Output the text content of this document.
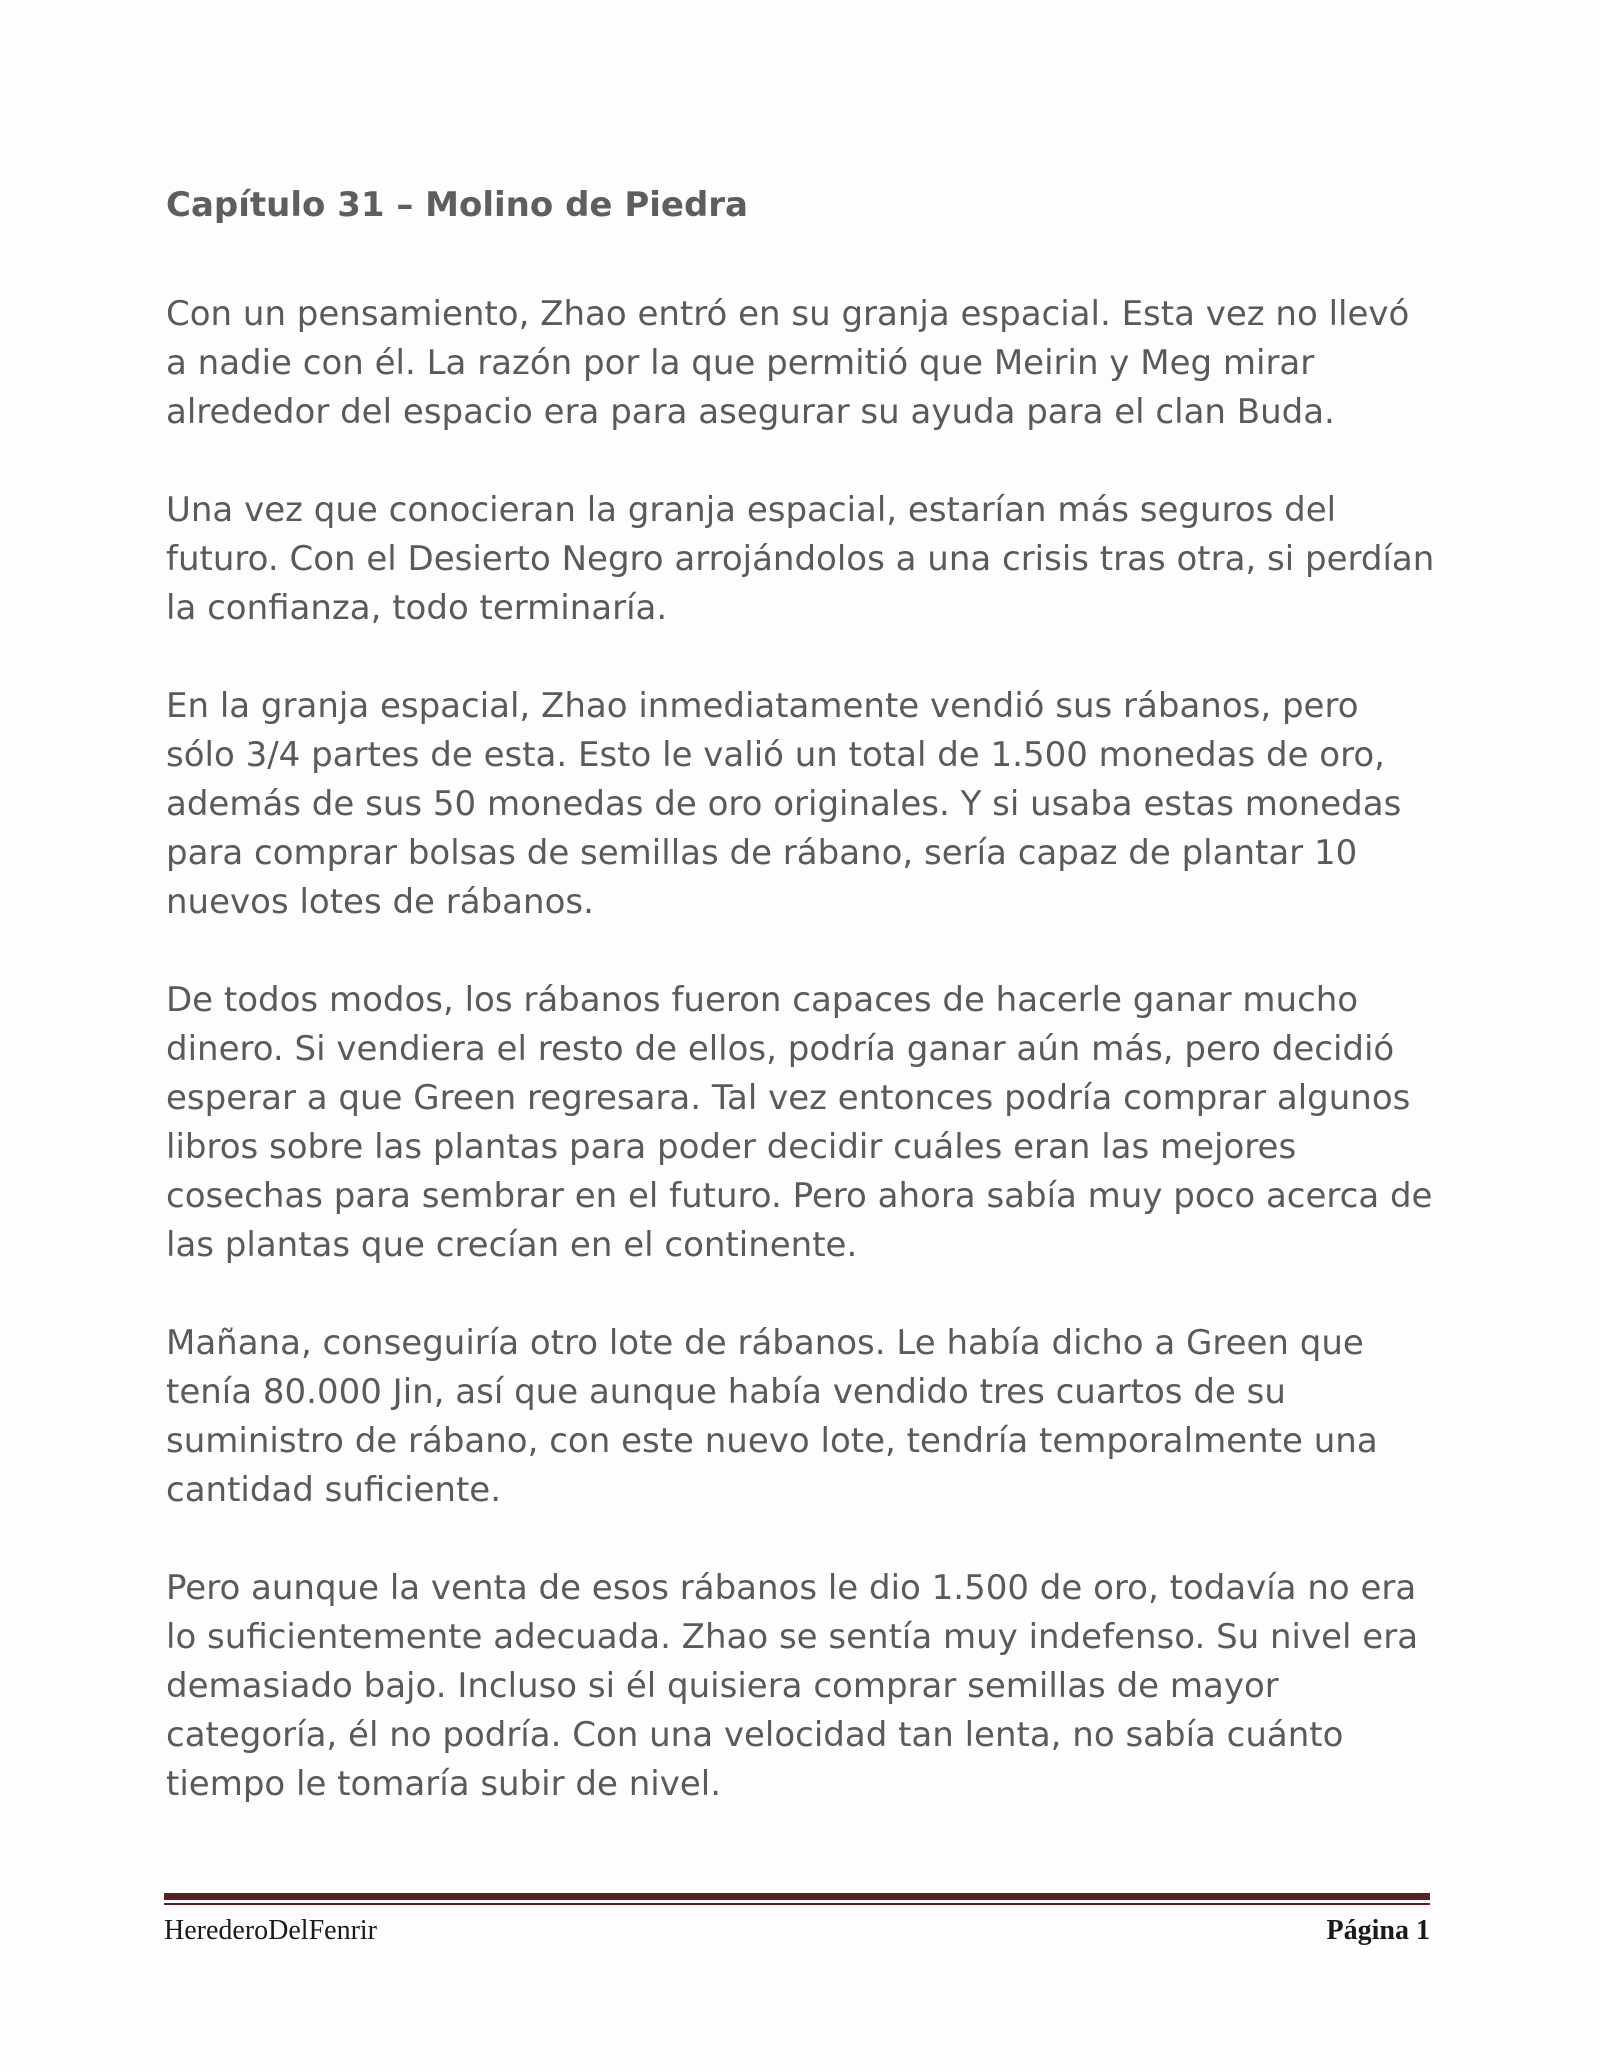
Capítulo 31 – Molino de Piedra

Con un pensamiento, Zhao entró en su granja espacial. Esta vez no llevó a nadie con él. La razón por la que permitió que Meirin y Meg mirar alrededor del espacio era para asegurar su ayuda para el clan Buda.

Una vez que conocieran la granja espacial, estarían más seguros del futuro. Con el Desierto Negro arrojándolos a una crisis tras otra, si perdían la confianza, todo terminaría.

En la granja espacial, Zhao inmediatamente vendió sus rábanos, pero sólo 3/4 partes de esta. Esto le valió un total de 1.500 monedas de oro, además de sus 50 monedas de oro originales. Y si usaba estas monedas para comprar bolsas de semillas de rábano, sería capaz de plantar 10 nuevos lotes de rábanos.

De todos modos, los rábanos fueron capaces de hacerle ganar mucho dinero. Si vendiera el resto de ellos, podría ganar aún más, pero decidió esperar a que Green regresara. Tal vez entonces podría comprar algunos libros sobre las plantas para poder decidir cuáles eran las mejores cosechas para sembrar en el futuro. Pero ahora sabía muy poco acerca de las plantas que crecían en el continente.

Mañana, conseguiría otro lote de rábanos. Le había dicho a Green que tenía 80.000 Jin, así que aunque había vendido tres cuartos de su suministro de rábano, con este nuevo lote, tendría temporalmente una cantidad suficiente.

Pero aunque la venta de esos rábanos le dio 1.500 de oro, todavía no era lo suficientemente adecuada. Zhao se sentía muy indefenso. Su nivel era demasiado bajo. Incluso si él quisiera comprar semillas de mayor categoría, él no podría. Con una velocidad tan lenta, no sabía cuánto tiempo le tomaría subir de nivel.

HerederoDelFenrir	Página 1
